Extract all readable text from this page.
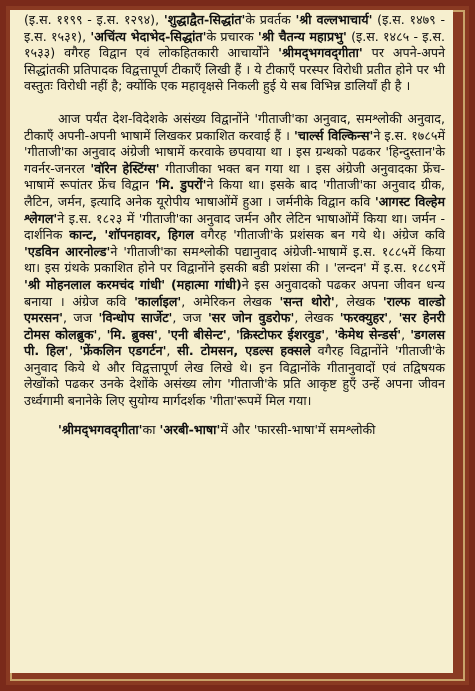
(इ.स. ११९९ - इ.स. १२९४), 'शुद्धाद्वैत-सिद्धांत'के प्रवर्तक 'श्री वल्लभाचार्य' (इ.स. १४७९ - इ.स. १५३१), 'अचिंत्य भेदाभेद-सिद्धांत'के प्रचारक 'श्री चैतन्य महाप्रभु' (इ.स. १४८५ - इ.स. १५३३) वगैरह विद्वान एवं लोकहितकारी आचार्योंने 'श्रीमद्‌भगवद्‌गीता' पर अपने-अपने सिद्धांतकी प्रतिपादक विद्वत्तापूर्ण टीकाएँ लिखी हैं । ये टीकाएँ परस्पर विरोधी प्रतीत होने पर भी वस्तुतः विरोधी नहीं है; क्योंकि एक महावृक्षसे निकली हुई ये सब विभिन्न डालियाँ ही है ।

आज पर्यंत देश-विदेशके असंख्य विद्वानोंने 'गीताजी'का अनुवाद, समश्लोकी अनुवाद, टीकाएँ अपनी-अपनी भाषामें लिखकर प्रकाशित करवाई हैं । 'चार्ल्स विल्किन्स'ने इ.स. १७८५में 'गीताजी'का अनुवाद अंग्रेजी भाषामें करवाके छपवाया था । इस ग्रन्थको पढकर 'हिन्दुस्तान'के गवर्नर-जनरल 'वॉरेन हेस्टिंग्स' गीताजीका भक्त बन गया था । इस अंग्रेजी अनुवादका फ्रेंच-भाषामें रूपांतर फ्रेंच विद्वान 'मि. डुपरों'ने किया था। इसके बाद 'गीताजी'का अनुवाद ग्रीक, लैटिन, जर्मन, इत्यादि अनेक यूरोपीय भाषाओंमें हुआ । जर्मनीके विद्वान कवि 'आगस्ट विल्हेम श्लेगल'ने इ.स. १८२३ में 'गीताजी'का अनुवाद जर्मन और लेटिन भाषाओंमें किया था। जर्मन - दार्शनिक कान्ट, 'शॉपनहावर, हिगल वगैरह 'गीताजी'के प्रशंसक बन गये थे। अंग्रेज कवि 'एडविन आरनोल्ड'ने 'गीताजी'का समश्लोकी पद्यानुवाद अंग्रेजी-भाषामें इ.स. १८८५में किया था। इस ग्रंथके प्रकाशित होने पर विद्वानोंने इसकी बडी प्रशंसा की । 'लन्दन' में इ.स. १८८९में 'श्री मोहनलाल करमचंद गांधी' (महात्मा गांधी)ने इस अनुवादको पढकर अपना जीवन धन्य बनाया । अंग्रेज कवि 'कार्लाइल', अमेरिकन लेखक 'सन्त थोरो', लेखक 'राल्फ वाल्डो एमरसन', जज 'विन्धोप सार्जेट', जज 'सर जोन वुडरोफ', लेखक 'फरक्युहर', 'सर हेनरी टोमस कोलब्रुक', 'मि. ब्रुक्स', 'एनी बीसेन्ट', 'क्रिस्टोफर ईशरवुड', 'केमेथ सेन्डर्स', 'डगलस पी. हिल', 'फ्रेंकलिन एडगर्टन', सी. टोमसन, एडल्स हक्सले वगैरह विद्वानोंने 'गीताजी'के अनुवाद किये थे और विद्वत्तापूर्ण लेख लिखे थे। इन विद्वानोंके गीतानुवादों एवं तद्विषयक लेखोंको पढकर उनके देशोंके असंख्य लोग 'गीताजी'के प्रति आकृष्ट हुएँ उन्हें अपना जीवन उर्ध्वगामी बनानेके लिए सुयोग्य मार्गदर्शक 'गीता'रूपमें मिल गया।

'श्रीमद्‌भगवद्‌गीता'का 'अरबी-भाषा'में और 'फारसी-भाषा'में समश्लोकी
